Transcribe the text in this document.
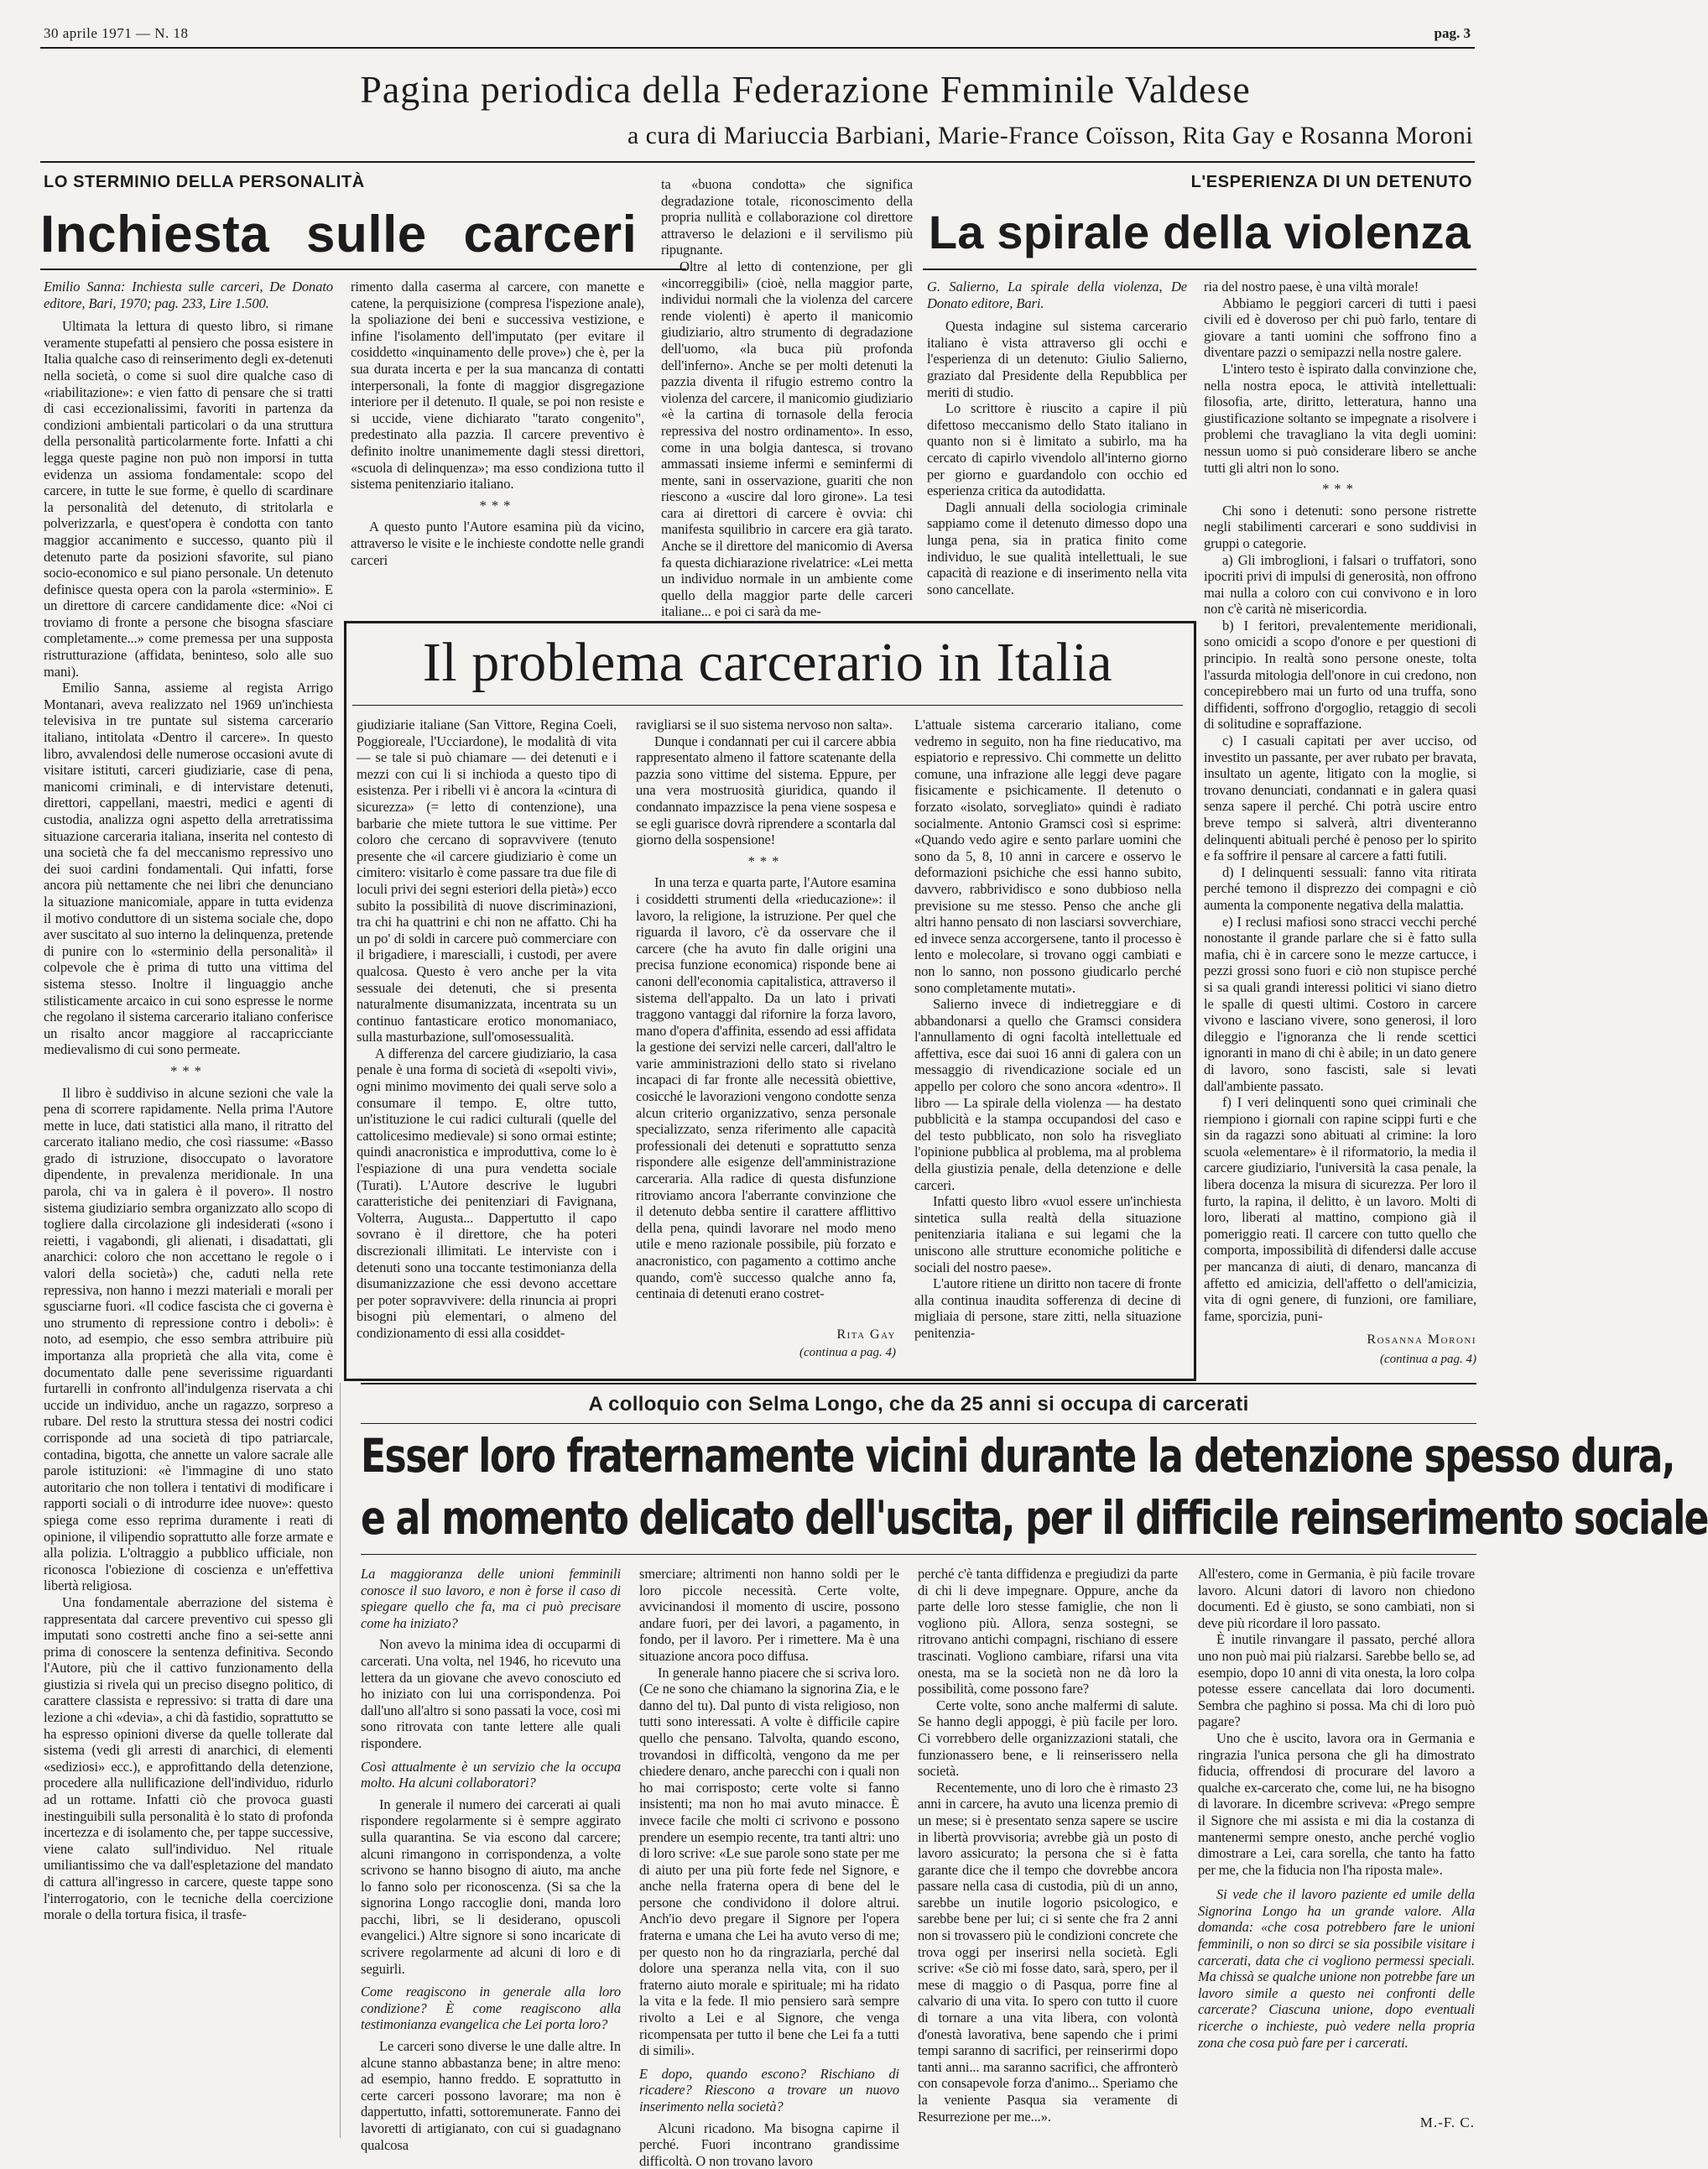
30 aprile 1971 — N. 18	pag. 3
Pagina periodica della Federazione Femminile Valdese
a cura di Mariuccia Barbiani, Marie-France Coïsson, Rita Gay e Rosanna Moroni
LO STERMINIO DELLA PERSONALITÀ
Inchiesta sulle carceri
L'ESPERIENZA DI UN DETENUTO
La spirale della violenza

Emilio Sanna: Inchiesta sulle carceri, De Donato editore, Bari, 1970; pag. 233, Lire 1.500.

Ultimata la lettura di questo libro, si rimane veramente stupefatti al pensiero che possa esistere in Italia qualche caso di reinserimento degli ex-detenuti nella società, o come si suol dire qualche caso di «riabilitazione»: e vien fatto di pensare che si tratti di casi eccezionalissimi, favoriti in partenza da condizioni ambientali particolari o da una struttura della personalità particolarmente forte. Infatti a chi legga queste pagine non può non imporsi in tutta evidenza un assioma fondamentale: scopo del carcere, in tutte le sue forme, è quello di scardinare la personalità del detenuto, di stritolarla e polverizzarla, e quest'opera è condotta con tanto maggior accanimento e successo, quanto più il detenuto parte da posizioni sfavorite, sul piano socio-economico e sul piano personale. Un detenuto definisce questa opera con la parola «sterminio». E un direttore di carcere candidamente dice: «Noi ci troviamo di fronte a persone che bisogna sfasciare completamente...» come premessa per una supposta ristrutturazione (affidata, beninteso, solo alle suo mani).

Emilio Sanna, assieme al regista Arrigo Montanari, aveva realizzato nel 1969 un'inchiesta televisiva in tre puntate sul sistema carcerario italiano, intitolata «Dentro il carcere». In questo libro, avvalendosi delle numerose occasioni avute di visitare istituti, carceri giudiziarie, case di pena, manicomi criminali, e di intervistare detenuti, direttori, cappellani, maestri, medici e agenti di custodia, analizza ogni aspetto della arretratissima situazione carceraria italiana, inserita nel contesto di una società che fa del meccanismo repressivo uno dei suoi cardini fondamentali. Qui infatti, forse ancora più nettamente che nei libri che denunciano la situazione manicomiale, appare in tutta evidenza il motivo conduttore di un sistema sociale che, dopo aver suscitato al suo interno la delinquenza, pretende di punire con lo «sterminio della personalità» il colpevole che è prima di tutto una vittima del sistema stesso. Inoltre il linguaggio anche stilisticamente arcaico in cui sono espresse le norme che regolano il sistema carcerario italiano conferisce un risalto ancor maggiore al raccapricciante medievalismo di cui sono permeate.

***

Il libro è suddiviso in alcune sezioni che vale la pena di scorrere rapidamente. Nella prima l'Autore mette in luce, dati statistici alla mano, il ritratto del carcerato italiano medio, che così riassume: «Basso grado di istruzione, disoccupato o lavoratore dipendente, in prevalenza meridionale. In una parola, chi va in galera è il povero». Il nostro sistema giudiziario sembra organizzato allo scopo di togliere dalla circolazione gli indesiderati («sono i reietti, i vagabondi, gli alienati, i disadattati, gli anarchici: coloro che non accettano le regole o i valori della società») che, caduti nella rete repressiva, non hanno i mezzi materiali e morali per sgusciarne fuori. «Il codice fascista che ci governa è uno strumento di repressione contro i deboli»: è noto, ad esempio, che esso sembra attribuire più importanza alla proprietà che alla vita, come è documentato dalle pene severissime riguardanti furtarelli in confronto all'indulgenza riservata a chi uccide un individuo, anche un ragazzo, sorpreso a rubare. Del resto la struttura stessa dei nostri codici corrisponde ad una società di tipo patriarcale, contadina, bigotta, che annette un valore sacrale alle parole istituzioni: «è l'immagine di uno stato autoritario che non tollera i tentativi di modificare i rapporti sociali o di introdurre idee nuove»: questo spiega come esso reprima duramente i reati di opinione, il vilipendio soprattutto alle forze armate e alla polizia. L'oltraggio a pubblico ufficiale, non riconosca l'obiezione di coscienza e un'effettiva libertà religiosa.

Una fondamentale aberrazione del sistema è rappresentata dal carcere preventivo cui spesso gli imputati sono costretti anche fino a sei-sette anni prima di conoscere la sentenza definitiva. Secondo l'Autore, più che il cattivo funzionamento della giustizia si rivela qui un preciso disegno politico, di carattere classista e repressivo: si tratta di dare una lezione a chi «devia», a chi dà fastidio, soprattutto se ha espresso opinioni diverse da quelle tollerate dal sistema (vedi gli arresti di anarchici, di elementi «sediziosi» ecc.), e approfittando della detenzione, procedere alla nullificazione dell'individuo, ridurlo ad un rottame. Infatti ciò che provoca guasti inestinguibili sulla personalità è lo stato di profonda incertezza e di isolamento che, per tappe successive, viene calato sull'individuo. Nel rituale umiliantissimo che va dall'espletazione del mandato di cattura all'ingresso in carcere, queste tappe sono l'interrogatorio, con le tecniche della coercizione morale o della tortura fisica, il trasfe-

rimento dalla caserma al carcere, con manette e catene, la perquisizione (compresa l'ispezione anale), la spoliazione dei beni e successiva vestizione, e infine l'isolamento dell'imputato (per evitare il cosiddetto «inquinamento delle prove») che è, per la sua durata incerta e per la sua mancanza di contatti interpersonali, la fonte di maggior disgregazione interiore per il detenuto. Il quale, se poi non resiste e si uccide, viene dichiarato "tarato congenito", predestinato alla pazzia. Il carcere preventivo è definito inoltre unanimemente dagli stessi direttori, «scuola di delinquenza»; ma esso condiziona tutto il sistema penitenziario italiano.

***

A questo punto l'Autore esamina più da vicino, attraverso le visite e le inchieste condotte nelle grandi carceri

ta «buona condotta» che significa degradazione totale, riconoscimento della propria nullità e collaborazione col direttore attraverso le delazioni e il servilismo più ripugnante.

Oltre al letto di contenzione, per gli «incorreggibili» (cioè, nella maggior parte, individui normali che la violenza del carcere rende violenti) è aperto il manicomio giudiziario, altro strumento di degradazione dell'uomo, «la buca più profonda dell'inferno». Anche se per molti detenuti la pazzia diventa il rifugio estremo contro la violenza del carcere, il manicomio giudiziario «è la cartina di tornasole della ferocia repressiva del nostro ordinamento». In esso, come in una bolgia dantesca, si trovano ammassati insieme infermi e seminfermi di mente, sani in osservazione, guariti che non riescono a «uscire dal loro girone». La tesi cara ai direttori di carcere è ovvia: chi manifesta squilibrio in carcere era già tarato. Anche se il direttore del manicomio di Aversa fa questa dichiarazione rivelatrice: «Lei metta un individuo normale in un ambiente come quello della maggior parte delle carceri italiane... e poi ci sarà da me-

G. Salierno, La spirale della violenza, De Donato editore, Bari.

Questa indagine sul sistema carcerario italiano è vista attraverso gli occhi e l'esperienza di un detenuto: Giulio Salierno, graziato dal Presidente della Repubblica per meriti di studio.

Lo scrittore è riuscito a capire il più difettoso meccanismo dello Stato italiano in quanto non si è limitato a subirlo, ma ha cercato di capirlo vivendolo all'interno giorno per giorno e guardandolo con occhio ed esperienza critica da autodidatta.

Dagli annuali della sociologia criminale sappiamo come il detenuto dimesso dopo una lunga pena, sia in pratica finito come individuo, le sue qualità intellettuali, le sue capacità di reazione e di inserimento nella vita sono cancellate.

ria del nostro paese, è una viltà morale!

Abbiamo le peggiori carceri di tutti i paesi civili ed è doveroso per chi può farlo, tentare di giovare a tanti uomini che soffrono fino a diventare pazzi o semipazzi nella nostre galere.

L'intero testo è ispirato dalla convinzione che, nella nostra epoca, le attività intellettuali: filosofia, arte, diritto, letteratura, hanno una giustificazione soltanto se impegnate a risolvere i problemi che travagliano la vita degli uomini: nessun uomo si può considerare libero se anche tutti gli altri non lo sono.

***

Chi sono i detenuti: sono persone ristrette negli stabilimenti carcerari e sono suddivisi in gruppi o categorie.

a) Gli imbroglioni, i falsari o truffatori, sono ipocriti privi di impulsi di generosità, non offrono mai nulla a coloro con cui convivono e in loro non c'è carità nè misericordia.

b) I feritori, prevalentemente meridionali, sono omicidi a scopo d'onore e per questioni di principio. In realtà sono persone oneste, tolta l'assurda mitologia dell'onore in cui credono, non concepirebbero mai un furto od una truffa, sono diffidenti, soffrono d'orgoglio, retaggio di secoli di solitudine e sopraffazione.

c) I casuali capitati per aver ucciso, od investito un passante, per aver rubato per bravata, insultato un agente, litigato con la moglie, si trovano denunciati, condannati e in galera quasi senza sapere il perché. Chi potrà uscire entro breve tempo si salverà, altri diventeranno delinquenti abituali perché è penoso per lo spirito e fa soffrire il pensare al carcere a fatti futili.

d) I delinquenti sessuali: fanno vita ritirata perché temono il disprezzo dei compagni e ciò aumenta la componente negativa della malattia.

e) I reclusi mafiosi sono stracci vecchi perché nonostante il grande parlare che si è fatto sulla mafia, chi è in carcere sono le mezze cartucce, i pezzi grossi sono fuori e ciò non stupisce perché si sa quali grandi interessi politici vi siano dietro le spalle di questi ultimi. Costoro in carcere vivono e lasciano vivere, sono generosi, il loro dileggio e l'ignoranza che li rende scettici ignoranti in mano di chi è abile; in un dato genere di lavoro, sono fascisti, sale si levati dall'ambiente passato.

f) I veri delinquenti sono quei criminali che riempiono i giornali con rapine scippi furti e che sin da ragazzi sono abituati al crimine: la loro scuola «elementare» è il riformatorio, la media il carcere giudiziario, l'università la casa penale, la libera docenza la misura di sicurezza. Per loro il furto, la rapina, il delitto, è un lavoro. Molti di loro, liberati al mattino, compiono già il pomeriggio reati. Il carcere con tutto quello che comporta, impossibilità di difendersi dalle accuse per mancanza di aiuti, di denaro, mancanza di affetto ed amicizia, dell'affetto o dell'amicizia, vita di ogni genere, di funzioni, ore familiare, fame, sporcizia, puni-

Rosanna Moroni
(continua a pag. 4)
Il problema carcerario in Italia

giudiziarie italiane (San Vittore, Regina Coeli, Poggioreale, l'Ucciardone), le modalità di vita — se tale si può chiamare — dei detenuti e i mezzi con cui li si inchioda a questo tipo di esistenza. Per i ribelli vi è ancora la «cintura di sicurezza» (= letto di contenzione), una barbarie che miete tuttora le sue vittime. Per coloro che cercano di sopravvivere (tenuto presente che «il carcere giudiziario è come un cimitero: visitarlo è come passare tra due file di loculi privi dei segni esteriori della pietà») ecco subito la possibilità di nuove discriminazioni, tra chi ha quattrini e chi non ne affatto. Chi ha un po' di soldi in carcere può commerciare con il brigadiere, i marescialli, i custodi, per avere qualcosa. Questo è vero anche per la vita sessuale dei detenuti, che si presenta naturalmente disumanizzata, incentrata su un continuo fantasticare erotico monomaniaco, sulla masturbazione, sull'omosessualità.

A differenza del carcere giudiziario, la casa penale è una forma di società di «sepolti vivi», ogni minimo movimento dei quali serve solo a consumare il tempo. E, oltre tutto, un'istituzione le cui radici culturali (quelle del cattolicesimo medievale) si sono ormai estinte; quindi anacronistica e improduttiva, come lo è l'espiazione di una pura vendetta sociale (Turati). L'Autore descrive le lugubri caratteristiche dei penitenziari di Favignana, Volterra, Augusta... Dappertutto il capo sovrano è il direttore, che ha poteri discrezionali illimitati. Le interviste con i detenuti sono una toccante testimonianza della disumanizzazione che essi devono accettare per poter sopravvivere: della rinuncia ai propri bisogni più elementari, o almeno del condizionamento di essi alla cosiddet-

ravigliarsi se il suo sistema nervoso non salta».

Dunque i condannati per cui il carcere abbia rappresentato almeno il fattore scatenante della pazzia sono vittime del sistema. Eppure, per una vera mostruosità giuridica, quando il condannato impazzisce la pena viene sospesa e se egli guarisce dovrà riprendere a scontarla dal giorno della sospensione!

***

In una terza e quarta parte, l'Autore esamina i cosiddetti strumenti della «rieducazione»: il lavoro, la religione, la istruzione. Per quel che riguarda il lavoro, c'è da osservare che il carcere (che ha avuto fin dalle origini una precisa funzione economica) risponde bene ai canoni dell'economia capitalistica, attraverso il sistema dell'appalto. Da un lato i privati traggono vantaggi dal rifornire la forza lavoro, mano d'opera d'affinita, essendo ad essi affidata la gestione dei servizi nelle carceri, dall'altro le varie amministrazioni dello stato si rivelano incapaci di far fronte alle necessità obiettive, cosicché le lavorazioni vengono condotte senza alcun criterio organizzativo, senza personale specializzato, senza riferimento alle capacità professionali dei detenuti e soprattutto senza rispondere alle esigenze dell'amministrazione carceraria. Alla radice di questa disfunzione ritroviamo ancora l'aberrante convinzione che il detenuto debba sentire il carattere afflittivo della pena, quindi lavorare nel modo meno utile e meno razionale possibile, più forzato e anacronistico, con pagamento a cottimo anche quando, com'è successo qualche anno fa, centinaia di detenuti erano costret-

Rita Gay
(continua a pag. 4)

L'attuale sistema carcerario italiano, come vedremo in seguito, non ha fine rieducativo, ma espiatorio e repressivo. Chi commette un delitto comune, una infrazione alle leggi deve pagare fisicamente e psichicamente. Il detenuto o forzato «isolato, sorvegliato» quindi è radiato socialmente. Antonio Gramsci così si esprime: «Quando vedo agire e sento parlare uomini che sono da 5, 8, 10 anni in carcere e osservo le deformazioni psichiche che essi hanno subito, davvero, rabbrividisco e sono dubbioso nella previsione su me stesso. Penso che anche gli altri hanno pensato di non lasciarsi sovverchiare, ed invece senza accorgersene, tanto il processo è lento e molecolare, si trovano oggi cambiati e non lo sanno, non possono giudicarlo perché sono completamente mutati».

Salierno invece di indietreggiare e di abbandonarsi a quello che Gramsci considera l'annullamento di ogni facoltà intellettuale ed affettiva, esce dai suoi 16 anni di galera con un messaggio di rivendicazione sociale ed un appello per coloro che sono ancora «dentro». Il libro — La spirale della violenza — ha destato pubblicità e la stampa occupandosi del caso e del testo pubblicato, non solo ha risvegliato l'opinione pubblica al problema, ma al problema della giustizia penale, della detenzione e delle carceri.

Infatti questo libro «vuol essere un'inchiesta sintetica sulla realtà della situazione penitenziaria italiana e sui legami che la uniscono alle strutture economiche politiche e sociali del nostro paese».

L'autore ritiene un diritto non tacere di fronte alla continua inaudita sofferenza di decine di migliaia di persone, stare zitti, nella situazione penitenzia-

A colloquio con Selma Longo, che da 25 anni si occupa di carcerati
Esser loro fraternamente vicini durante la detenzione spesso dura,
e al momento delicato dell'uscita, per il difficile reinserimento sociale

La maggioranza delle unioni femminili conosce il suo lavoro, e non è forse il caso di spiegare quello che fa, ma ci può precisare come ha iniziato?

Non avevo la minima idea di occuparmi di carcerati. Una volta, nel 1946, ho ricevuto una lettera da un giovane che avevo conosciuto ed ho iniziato con lui una corrispondenza. Poi dall'uno all'altro si sono passati la voce, così mi sono ritrovata con tante lettere alle quali rispondere.

Così attualmente è un servizio che la occupa molto. Ha alcuni collaboratori?

In generale il numero dei carcerati ai quali rispondere regolarmente si è sempre aggirato sulla quarantina. Se via escono dal carcere; alcuni rimangono in corrispondenza, a volte scrivono se hanno bisogno di aiuto, ma anche lo fanno solo per riconoscenza. (Si sa che la signorina Longo raccoglie doni, manda loro pacchi, libri, se li desiderano, opuscoli evangelici.) Altre signore si sono incaricate di scrivere regolarmente ad alcuni di loro e di seguirli.

Come reagiscono in generale alla loro condizione? È come reagiscono alla testimonianza evangelica che Lei porta loro?

Le carceri sono diverse le une dalle altre. In alcune stanno abbastanza bene; in altre meno: ad esempio, hanno freddo. E soprattutto in certe carceri possono lavorare; ma non è dappertutto, infatti, sottoremunerate. Fanno dei lavoretti di artigianato, con cui si guadagnano qualcosa

smerciare; altrimenti non hanno soldi per le loro piccole necessità. Certe volte, avvicinandosi il momento di uscire, possono andare fuori, per dei lavori, a pagamento, in fondo, per il lavoro. Per i rimettere. Ma è una situazione ancora poco diffusa.

In generale hanno piacere che si scriva loro. (Ce ne sono che chiamano la signorina Zia, e le danno del tu). Dal punto di vista religioso, non tutti sono interessati. A volte è difficile capire quello che pensano. Talvolta, quando escono, trovandosi in difficoltà, vengono da me per chiedere denaro, anche parecchi con i quali non ho mai corrisposto; certe volte si fanno insistenti; ma non ho mai avuto minacce. È invece facile che molti ci scrivono e possono prendere un esempio recente, tra tanti altri: uno di loro scrive: «Le sue parole sono state per me di aiuto per una più forte fede nel Signore, e anche nella fraterna opera di bene del le persone che condividono il dolore altrui. Anch'io devo pregare il Signore per l'opera fraterna e umana che Lei ha avuto verso di me; per questo non ho da ringraziarla, perché dal dolore una speranza nella vita, con il suo fraterno aiuto morale e spirituale; mi ha ridato la vita e la fede. Il mio pensiero sarà sempre rivolto a Lei e al Signore, che venga ricompensata per tutto il bene che Lei fa a tutti di simili».

E dopo, quando escono? Rischiano di ricadere? Riescono a trovare un nuovo inserimento nella società?

Alcuni ricadono. Ma bisogna capirne il perché. Fuori incontrano grandissime difficoltà. O non trovano lavoro

perché c'è tanta diffidenza e pregiudizi da parte di chi li deve impegnare. Oppure, anche da parte delle loro stesse famiglie, che non li vogliono più. Allora, senza sostegni, se ritrovano antichi compagni, rischiano di essere trascinati. Vogliono cambiare, rifarsi una vita onesta, ma se la società non ne dà loro la possibilità, come possono fare?

Certe volte, sono anche malfermi di salute. Se hanno degli appoggi, è più facile per loro. Ci vorrebbero delle organizzazioni statali, che funzionassero bene, e li reinserissero nella società.

Recentemente, uno di loro che è rimasto 23 anni in carcere, ha avuto una licenza premio di un mese; si è presentato senza sapere se uscire in libertà provvisoria; avrebbe già un posto di lavoro assicurato; la persona che si è fatta garante dice che il tempo che dovrebbe ancora passare nella casa di custodia, più di un anno, sarebbe un inutile logorio psicologico, e sarebbe bene per lui; ci si sente che fra 2 anni non si trovassero più le condizioni concrete che trova oggi per inserirsi nella società. Egli scrive: «Se ciò mi fosse dato, sarà, spero, per il mese di maggio o di Pasqua, porre fine al calvario di una vita. Io spero con tutto il cuore di tornare a una vita libera, con volontà d'onestà lavorativa, bene sapendo che i primi tempi saranno di sacrifici, per reinserirmi dopo tanti anni... ma saranno sacrifici, che affronterò con consapevole forza d'animo... Speriamo che la veniente Pasqua sia veramente di Resurrezione per me...».

All'estero, come in Germania, è più facile trovare lavoro. Alcuni datori di lavoro non chiedono documenti. Ed è giusto, se sono cambiati, non si deve più ricordare il loro passato.

È inutile rinvangare il passato, perché allora uno non può mai più rialzarsi. Sarebbe bello se, ad esempio, dopo 10 anni di vita onesta, la loro colpa potesse essere cancellata dai loro documenti. Sembra che paghino si possa. Ma chi di loro può pagare?

Uno che è uscito, lavora ora in Germania e ringrazia l'unica persona che gli ha dimostrato fiducia, offrendosi di procurare del lavoro a qualche ex-carcerato che, come lui, ne ha bisogno di lavorare. In dicembre scriveva: «Prego sempre il Signore che mi assista e mi dia la costanza di mantenermi sempre onesto, anche perché voglio dimostrare a Lei, cara sorella, che tanto ha fatto per me, che la fiducia non l'ha riposta male».

Si vede che il lavoro paziente ed umile della Signorina Longo ha un grande valore. Alla domanda: «che cosa potrebbero fare le unioni femminili, o non so dirci se sia possibile visitare i carcerati, data che ci vogliono permessi speciali. Ma chissà se qualche unione non potrebbe fare un lavoro simile a questo nei confronti delle carcerate? Ciascuna unione, dopo eventuali ricerche o inchieste, può vedere nella propria zona che cosa può fare per i carcerati.

M.-F. C.
